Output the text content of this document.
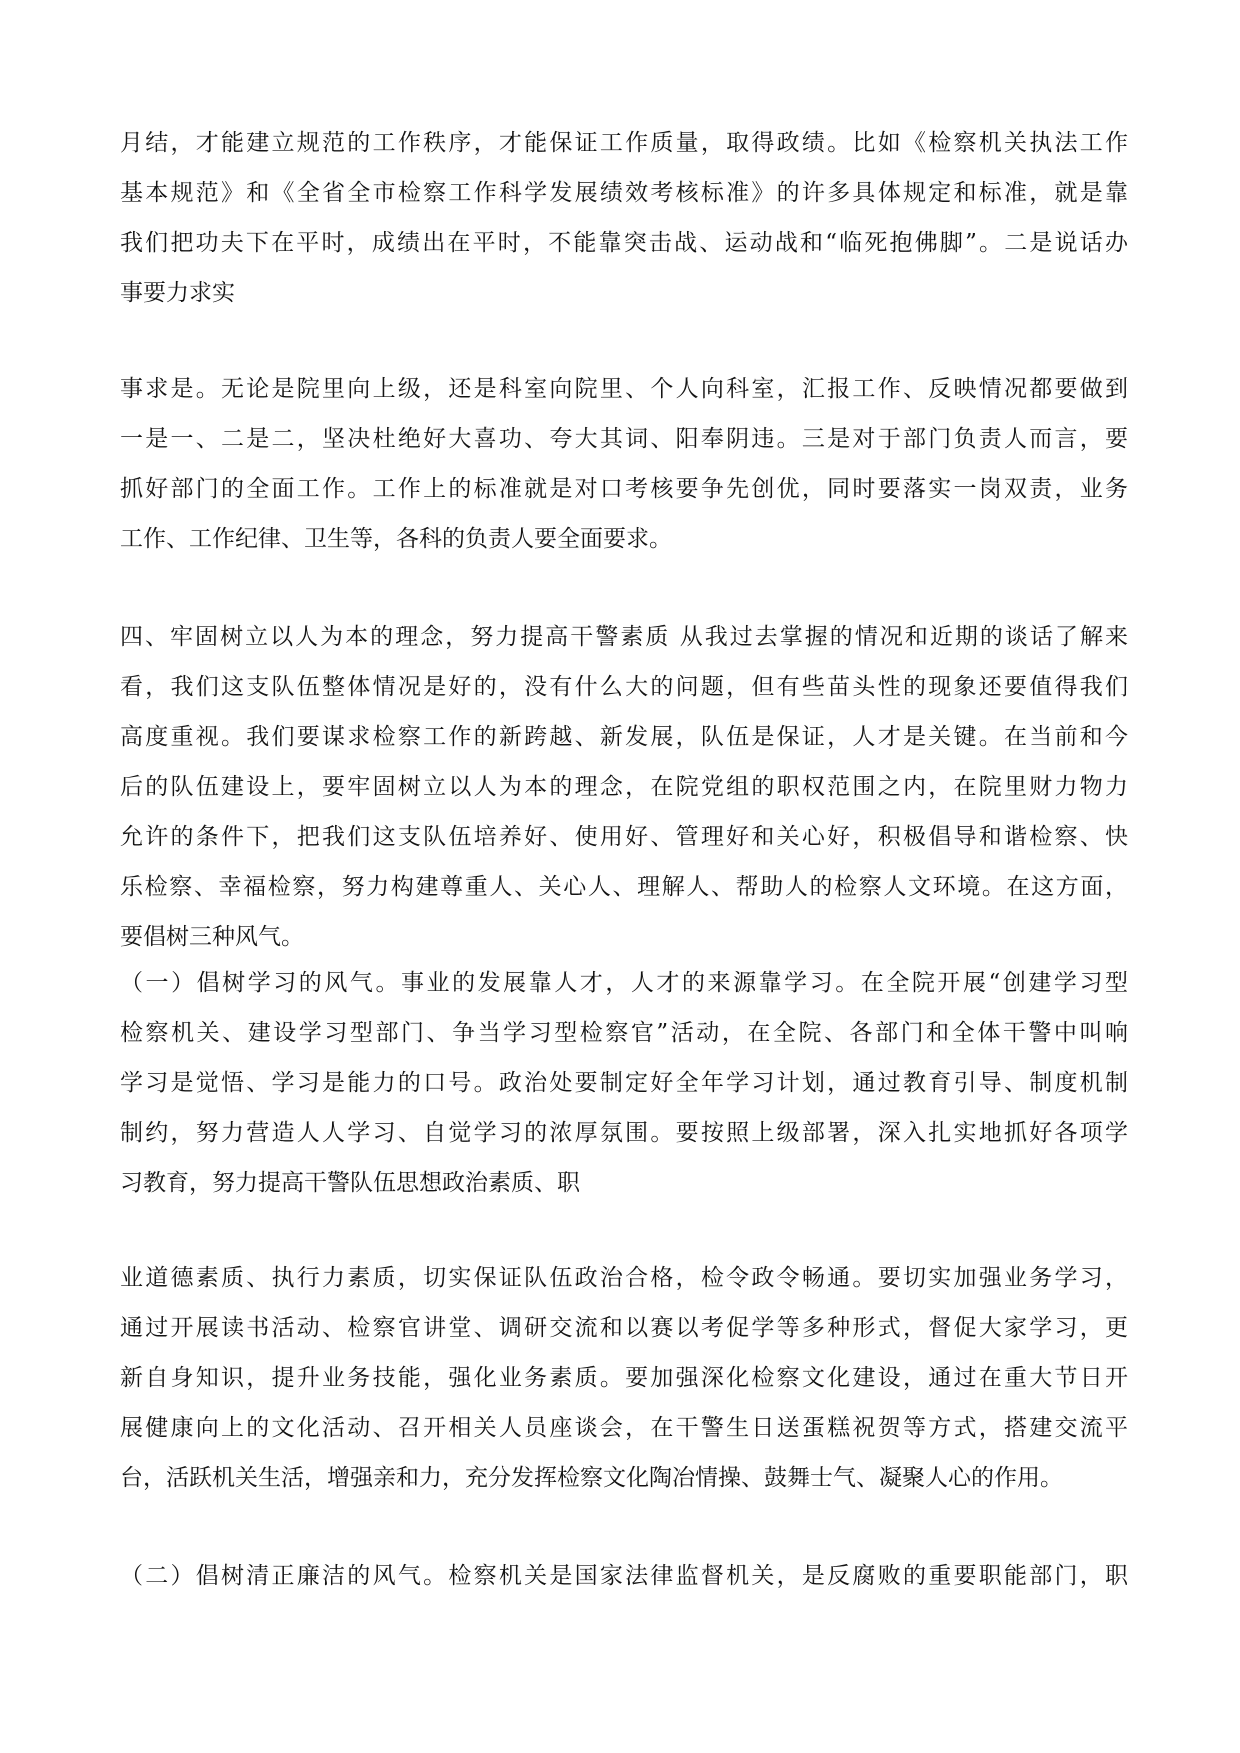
月结，才能建立规范的工作秩序，才能保证工作质量，取得政绩。比如《检察机关执法工作
基本规范》和《全省全市检察工作科学发展绩效考核标准》的许多具体规定和标准，就是靠
我们把功夫下在平时，成绩出在平时，不能靠突击战、运动战和“临死抱佛脚”。二是说话办
事要力求实
事求是。无论是院里向上级，还是科室向院里、个人向科室，汇报工作、反映情况都要做到
一是一、二是二，坚决杜绝好大喜功、夸大其词、阳奉阴违。三是对于部门负责人而言，要
抓好部门的全面工作。工作上的标准就是对口考核要争先创优，同时要落实一岗双责，业务
工作、工作纪律、卫生等，各科的负责人要全面要求。
四、牢固树立以人为本的理念，努力提高干警素质 从我过去掌握的情况和近期的谈话了解来
看，我们这支队伍整体情况是好的，没有什么大的问题，但有些苗头性的现象还要值得我们
高度重视。我们要谋求检察工作的新跨越、新发展，队伍是保证，人才是关键。在当前和今
后的队伍建设上，要牢固树立以人为本的理念，在院党组的职权范围之内，在院里财力物力
允许的条件下，把我们这支队伍培养好、使用好、管理好和关心好，积极倡导和谐检察、快
乐检察、幸福检察，努力构建尊重人、关心人、理解人、帮助人的检察人文环境。在这方面，
要倡树三种风气。
（一）倡树学习的风气。事业的发展靠人才，人才的来源靠学习。在全院开展“创建学习型
检察机关、建设学习型部门、争当学习型检察官”活动，在全院、各部门和全体干警中叫响
学习是觉悟、学习是能力的口号。政治处要制定好全年学习计划，通过教育引导、制度机制
制约，努力营造人人学习、自觉学习的浓厚氛围。要按照上级部署，深入扎实地抓好各项学
习教育，努力提高干警队伍思想政治素质、职
业道德素质、执行力素质，切实保证队伍政治合格，检令政令畅通。要切实加强业务学习，
通过开展读书活动、检察官讲堂、调研交流和以赛以考促学等多种形式，督促大家学习，更
新自身知识，提升业务技能，强化业务素质。要加强深化检察文化建设，通过在重大节日开
展健康向上的文化活动、召开相关人员座谈会，在干警生日送蛋糕祝贺等方式，搭建交流平
台，活跃机关生活，增强亲和力，充分发挥检察文化陶冶情操、鼓舞士气、凝聚人心的作用。
（二）倡树清正廉洁的风气。检察机关是国家法律监督机关，是反腐败的重要职能部门，职
